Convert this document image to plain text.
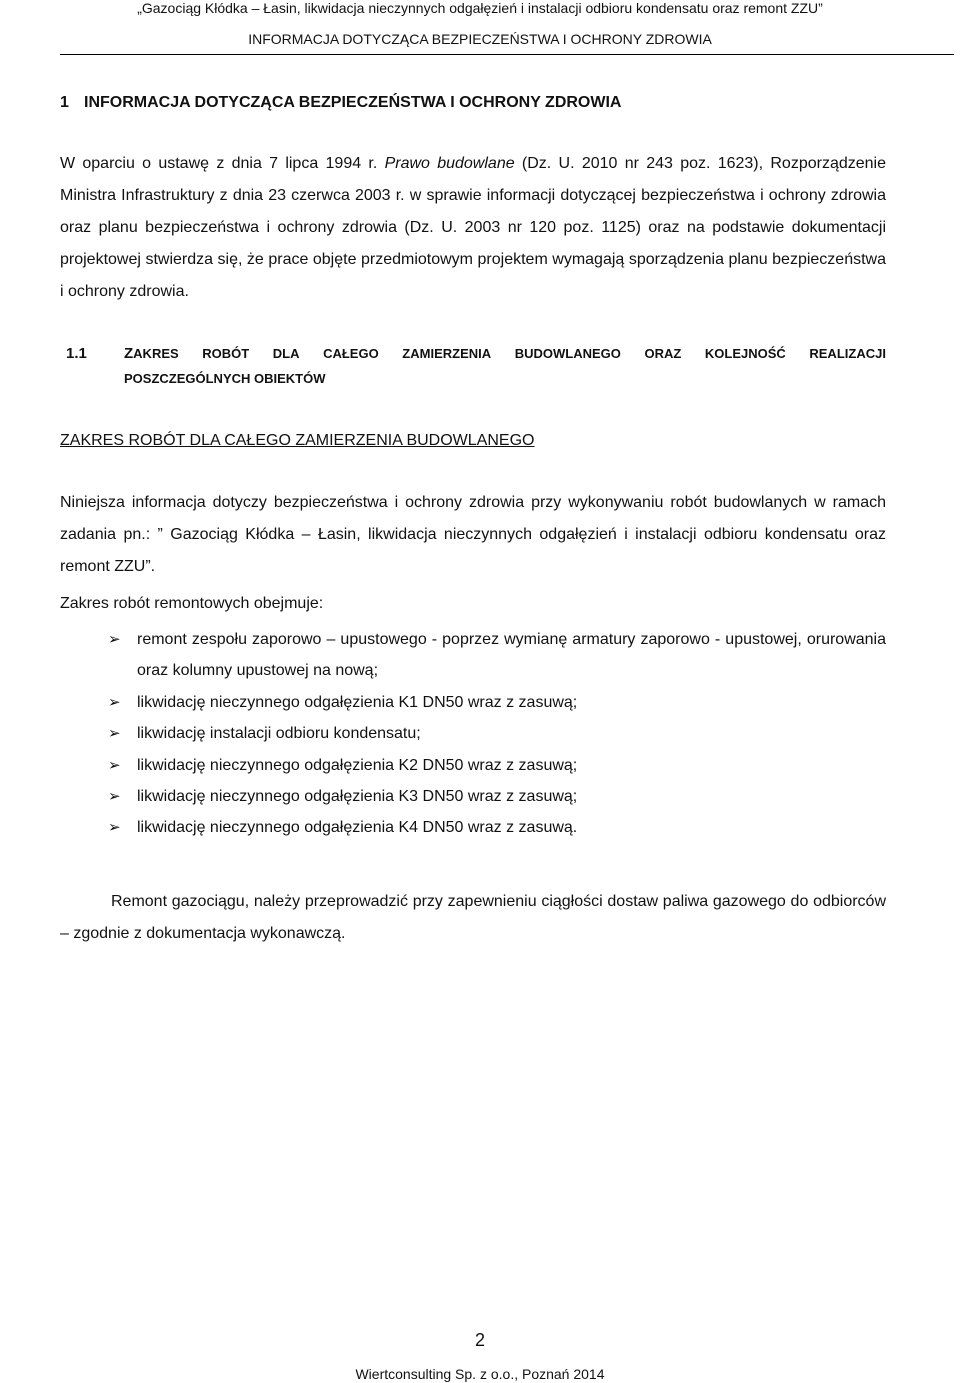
„Gazociąg Kłódka – Łasin, likwidacja nieczynnych odgałęzień i instalacji odbioru kondensatu oraz remont ZZU”
INFORMACJA DOTYCZĄCA BEZPIECZEŃSTWA I OCHRONY ZDROWIA
1 INFORMACJA DOTYCZĄCA BEZPIECZEŃSTWA I OCHRONY ZDROWIA
W oparciu o ustawę z dnia 7 lipca 1994 r. Prawo budowlane (Dz. U. 2010 nr 243 poz. 1623), Rozporządzenie Ministra Infrastruktury z dnia 23 czerwca 2003 r. w sprawie informacji dotyczącej bezpieczeństwa i ochrony zdrowia oraz planu bezpieczeństwa i ochrony zdrowia (Dz. U. 2003 nr 120 poz. 1125) oraz na podstawie dokumentacji projektowej stwierdza się, że prace objęte przedmiotowym projektem wymagają sporządzenia planu bezpieczeństwa i ochrony zdrowia.
1.1 ZAKRES ROBÓT DLA CAŁEGO ZAMIERZENIA BUDOWLANEGO ORAZ KOLEJNOŚĆ REALIZACJI
POSZCZEGÓLNYCH OBIEKTÓW
ZAKRES ROBÓT DLA CAŁEGO ZAMIERZENIA BUDOWLANEGO
Niniejsza informacja dotyczy bezpieczeństwa i ochrony zdrowia przy wykonywaniu robót budowlanych w ramach zadania pn.: ” Gazociąg Kłódka – Łasin, likwidacja nieczynnych odgałęzień i instalacji odbioru kondensatu oraz remont ZZU”.
Zakres robót remontowych obejmuje:
➢ remont zespołu zaporowo – upustowego - poprzez wymianę armatury zaporowo - upustowej, orurowania oraz kolumny upustowej na nową;
➢ likwidację nieczynnego odgałęzienia K1 DN50 wraz z zasuwą;
➢ likwidację instalacji odbioru kondensatu;
➢ likwidację nieczynnego odgałęzienia K2 DN50 wraz z zasuwą;
➢ likwidację nieczynnego odgałęzienia K3 DN50 wraz z zasuwą;
➢ likwidację nieczynnego odgałęzienia K4 DN50 wraz z zasuwą.
Remont gazociągu, należy przeprowadzić przy zapewnieniu ciągłości dostaw paliwa gazowego do odbiorców – zgodnie z dokumentacja wykonawczą.
2
Wiertconsulting Sp. z o.o., Poznań 2014
